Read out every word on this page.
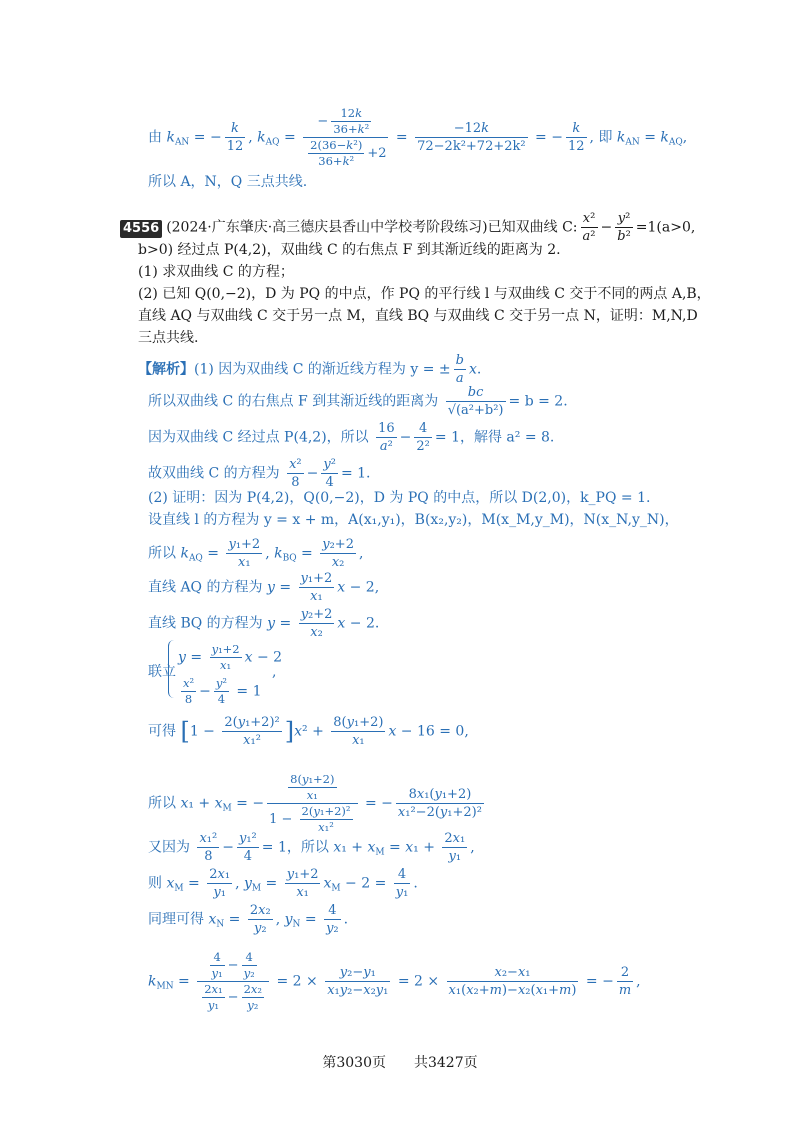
由 $k_{AN}$ = − $\frac{k}{12}$ , $k_{AQ} = \frac{- \frac{12k}{\text{36+k²}}}{\frac{\text{2(36−k²)}}{\text{36+k²}} +2} = \frac{-12k}{\text{72−2k²+72+2k²}}$ = − $\frac{k}{12}$ , 即 $k_{AN} = k_{AQ}$,
所以 A，N，Q 三点共线.
4556 (2024·广东肇庆·高三德庆县香山中学校考阶段练习)已知双曲线 C: $\frac{\text{x²}}{\text{a²}} - \frac{\text{y²}}{\text{b²}} =1(a>0$,
b>0) 经过点 P(4,2)，双曲线 C 的右焦点 F 到其渐近线的距离为 2.
(1) 求双曲线 C 的方程；
(2) 已知 Q(0,−2)，D 为 PQ 的中点，作 PQ 的平行线 l 与双曲线 C 交于不同的两点 A,B，
直线 AQ 与双曲线 C 交于另一点 M，直线 BQ 与双曲线 C 交于另一点 N，证明：M,N,D
三点共线.
【解析】(1) 因为双曲线 C 的渐近线方程为 y = ± $\frac{b}{a} x$.
所以双曲线 C 的右焦点 F 到其渐近线的距离为 $\frac{bc}{\text{√(a²+b²)}} = b = 2$.
因为双曲线 C 经过点 P(4,2)，所以 $\frac{16}{\text{a²}} - \frac{4}{\text{2²}} = 1$，解得 a² = 8.
故双曲线 C 的方程为 $\frac{\text{x²}}{8} - \frac{\text{y²}}{4} = 1$.
(2) 证明：因为 P(4,2)，Q(0,−2)，D 为 PQ 的中点，所以 D(2,0)，k_PQ = 1.
设直线 l 的方程为 y = x + m，A(x₁,y₁)，B(x₂,y₂)，M(x_M,y_M)，N(x_N,y_N)，
所以 $k_{AQ} = \frac{\text{y₁+2}}{\text{x₁}}$ , $k_{BQ} = \frac{\text{y₂+2}}{\text{x₂}}$ ,
直线 AQ 的方程为 $y = \frac{\text{y₁+2}}{\text{x₁}}$ x − 2,
直线 BQ 的方程为 $y = \frac{\text{y₂+2}}{\text{x₂}}$ x − 2.
联立
$y = \frac{\text{y₁+2}}{\text{x₁}}$ x − 2
$\frac{\text{x²}}{8} - \frac{\text{y²}}{4} = 1$
,
可得 $[1 - \frac{\text{2(y₁+2)²}}{\text{x₁²}} ]x^2 + \frac{\text{8(y₁+2)}}{\text{x₁}}$ x − 16 = 0,
所以 $x_1 + x_M$ = − $\frac{\frac{\text{8(y₁+2)}}{\text{x₁}}}{1 - \frac{\text{2(y₁+2)²}}{\text{x₁²}}}$ = − $\frac{\text{8x₁(y₁+2)}}{\text{x₁²−2(y₁+2)²}}$
又因为 $\frac{\text{x₁²}}{8} - \frac{\text{y₁²}}{4} = 1$，所以 $x_1 + x_M = x_1 + \frac{\text{2x₁}}{\text{y₁}}$ ,
则 $x_M = \frac{\text{2x₁}}{\text{y₁}}$ , $y_M = \frac{\text{y₁+2}}{\text{x₁}} x_M - 2 = \frac{4}{\text{y₁}}$ .
同理可得 $x_N = \frac{\text{2x₂}}{\text{y₂}}$ , $y_N = \frac{4}{\text{y₂}}$ .
$k_{MN} = \frac{\frac{4}{\text{y₁}} - \frac{4}{\text{y₂}}}{\frac{\text{2x₁}}{\text{y₁}} - \frac{\text{2x₂}}{\text{y₂}}} = 2 \times \frac{\text{y₂−y₁}}{\text{x₁y₂−x₂y₁}} = 2 \times \frac{\text{x₂−x₁}}{\text{x₁(x₂+m)−x₂(x₁+m)}}$ = − $\frac{2}{m}$ ,
第3030页　　共3427页
